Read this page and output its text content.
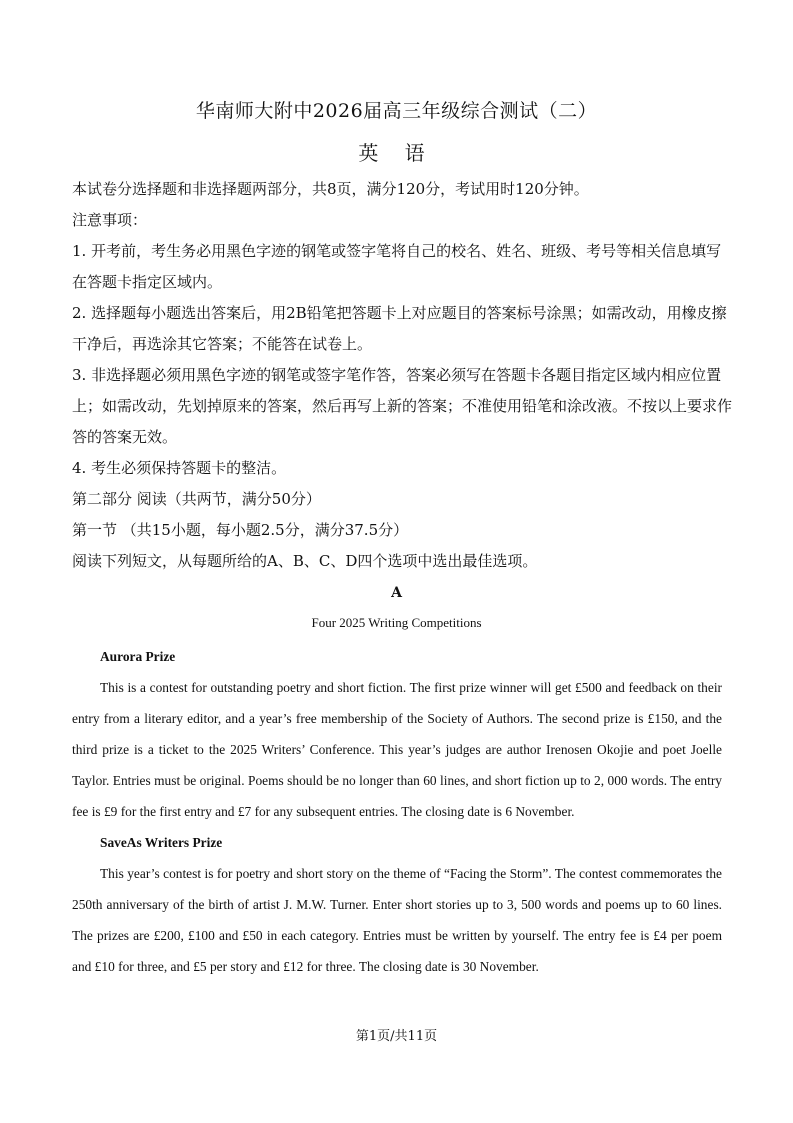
华南师大附中2026届高三年级综合测试（二）
英 语

本试卷分选择题和非选择题两部分，共8页，满分120分，考试用时120分钟。

注意事项：

1. 开考前，考生务必用黑色字迹的钢笔或签字笔将自己的校名、姓名、班级、考号等相关信息填写在答题卡指定区域内。

2. 选择题每小题选出答案后，用2B铅笔把答题卡上对应题目的答案标号涂黑；如需改动，用橡皮擦干净后，再选涂其它答案；不能答在试卷上。

3. 非选择题必须用黑色字迹的钢笔或签字笔作答，答案必须写在答题卡各题目指定区域内相应位置上；如需改动，先划掉原来的答案，然后再写上新的答案；不准使用铅笔和涂改液。不按以上要求作答的答案无效。

4. 考生必须保持答题卡的整洁。

第二部分 阅读（共两节，满分50分）

第一节 （共15小题，每小题2.5分，满分37.5分）

阅读下列短文，从每题所给的A、B、C、D四个选项中选出最佳选项。

A
Four 2025 Writing Competitions

Aurora Prize

This is a contest for outstanding poetry and short fiction. The first prize winner will get £500 and feedback on their entry from a literary editor, and a year’s free membership of the Society of Authors. The second prize is £150, and the third prize is a ticket to the 2025 Writers’ Conference. This year’s judges are author Irenosen Okojie and poet Joelle Taylor. Entries must be original. Poems should be no longer than 60 lines, and short fiction up to 2, 000 words. The entry fee is £9 for the first entry and £7 for any subsequent entries. The closing date is 6 November.

SaveAs Writers Prize

This year’s contest is for poetry and short story on the theme of “Facing the Storm”. The contest commemorates the 250th anniversary of the birth of artist J. M.W. Turner. Enter short stories up to 3, 500 words and poems up to 60 lines. The prizes are £200, £100 and £50 in each category. Entries must be written by yourself. The entry fee is £4 per poem and £10 for three, and £5 per story and £12 for three. The closing date is 30 November.

第1页/共11页
